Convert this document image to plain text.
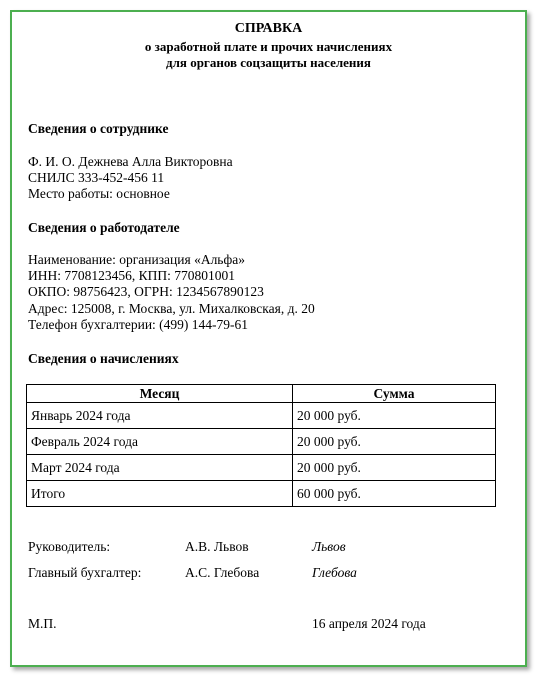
СПРАВКА
о заработной плате и прочих начислениях
для органов соцзащиты населения
Сведения о сотруднике
Ф. И. О. Дежнева Алла Викторовна
СНИЛС 333-452-456 11
Место работы: основное
Сведения о работодателе
Наименование: организация «Альфа»
ИНН: 7708123456, КПП: 770801001
ОКПО: 98756423, ОГРН: 1234567890123
Адрес: 125008, г. Москва, ул. Михалковская, д. 20
Телефон бухгалтерии: (499) 144-79-61
Сведения о начислениях
Месяц	Сумма
Январь 2024 года	20 000 руб.
Февраль 2024 года	20 000 руб.
Март 2024 года	20 000 руб.
Итого	60 000 руб.
Руководитель:	А.В. Львов	Львов
Главный бухгалтер:	А.С. Глебова	Глебова
М.П.	16 апреля 2024 года
